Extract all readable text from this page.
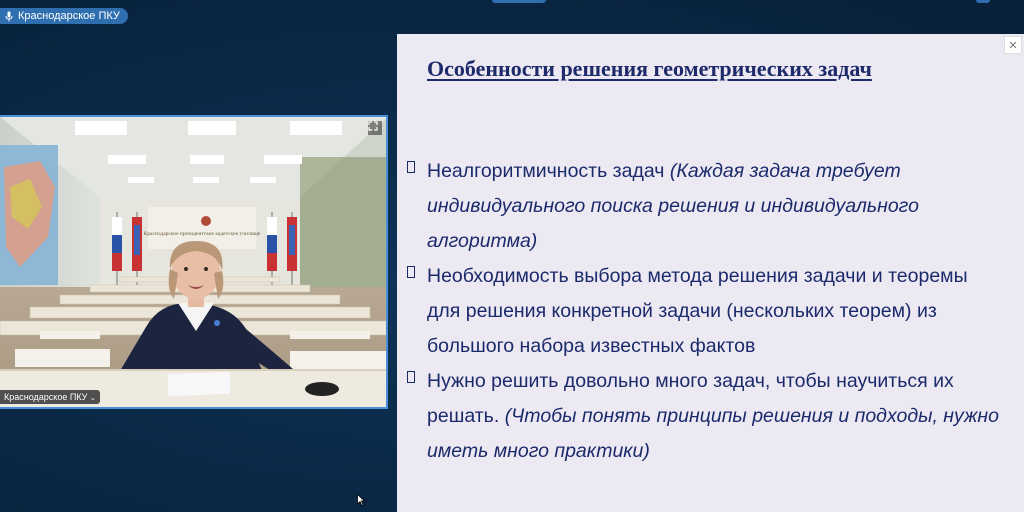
Краснодарское ПКУ
Краснодарское президентское кадетское училище
Краснодарское ПКУ ⌄
✕
Особенности решения геометрических задач
Неалгоритмичность задач (Каждая задача требует индивидуального поиска решения и индивидуального алгоритма)
Необходимость выбора метода решения задачи и теоремы для решения конкретной задачи (нескольких теорем) из большого набора известных фактов
Нужно решить довольно много задач, чтобы научиться их решать. (Чтобы понять принципы решения и подходы, нужно иметь много практики)
